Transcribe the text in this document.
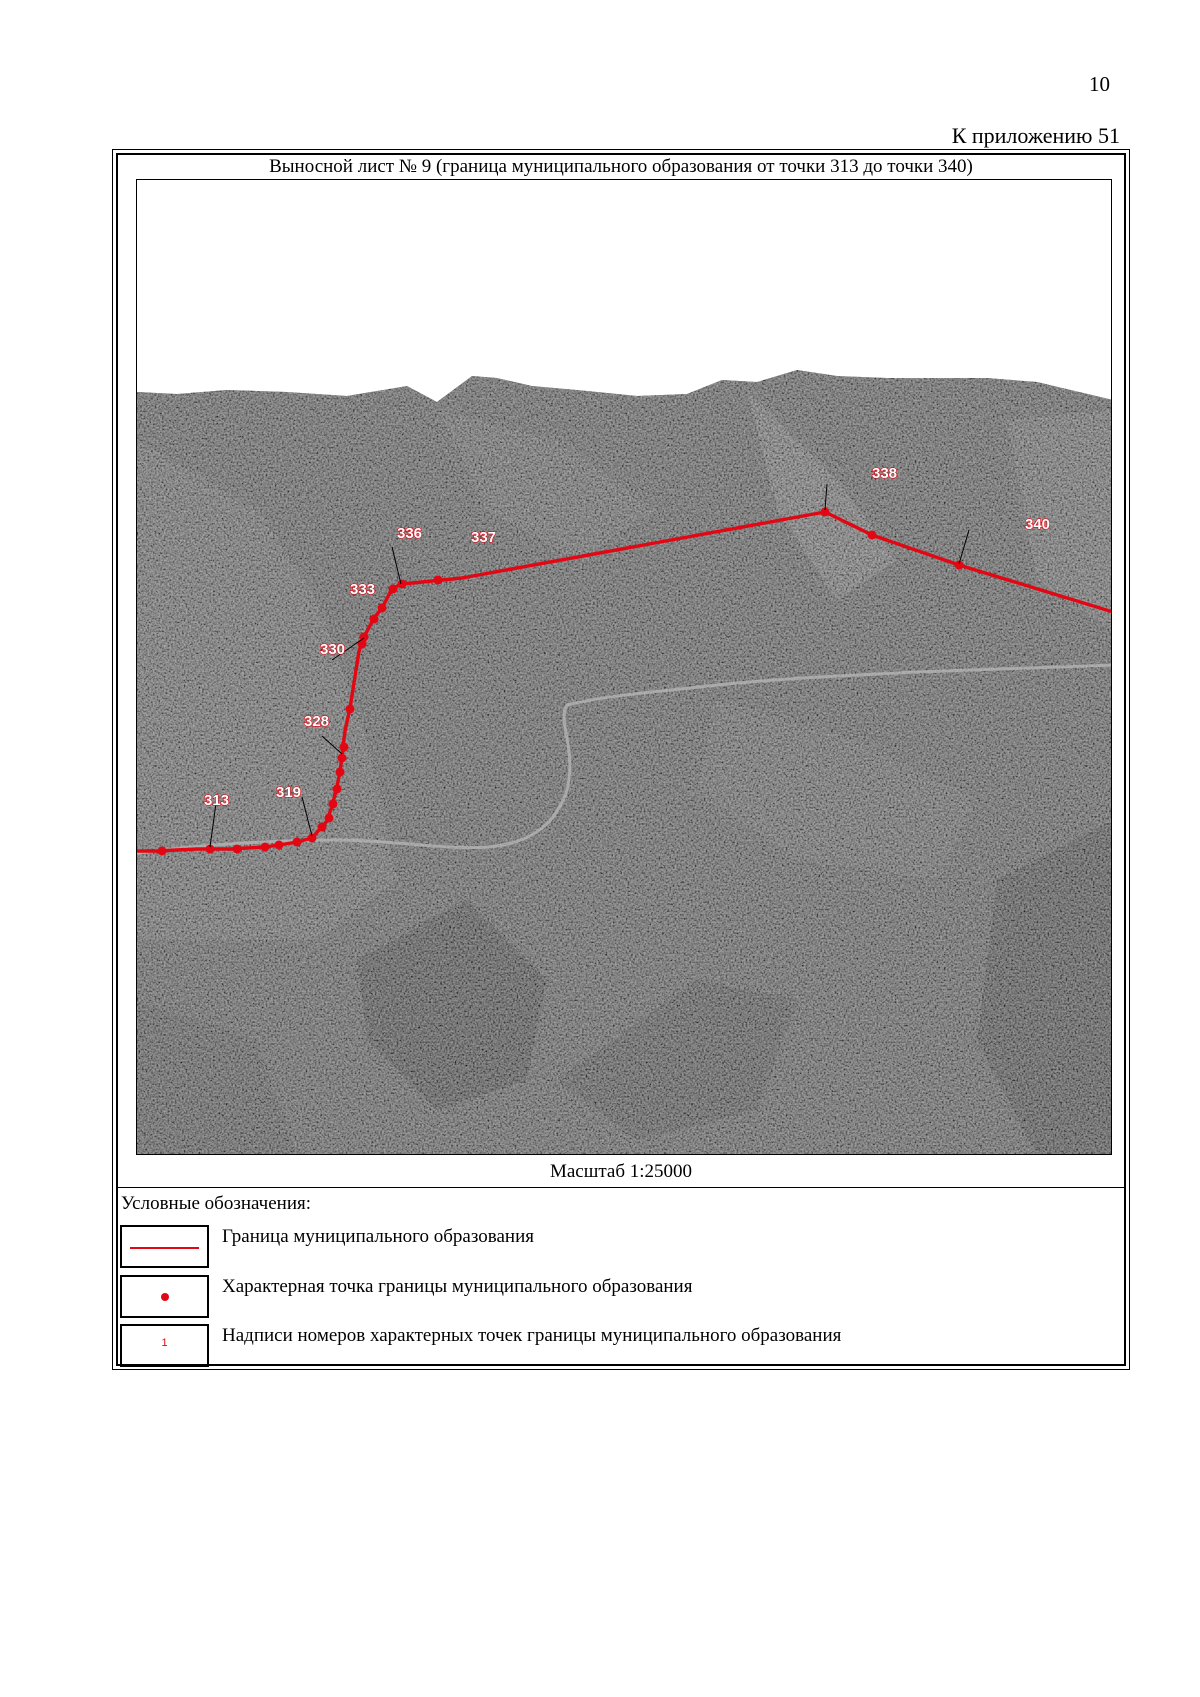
10
К приложению 51
Выносной лист № 9 (граница муниципального образования от точки 313 до точки 340)
313	319
328
330
333
336	337
338
340
Масштаб 1:25000
Условные обозначения:
Граница муниципального образования
Характерная точка границы муниципального образования
1	Надписи номеров характерных точек границы муниципального образования
